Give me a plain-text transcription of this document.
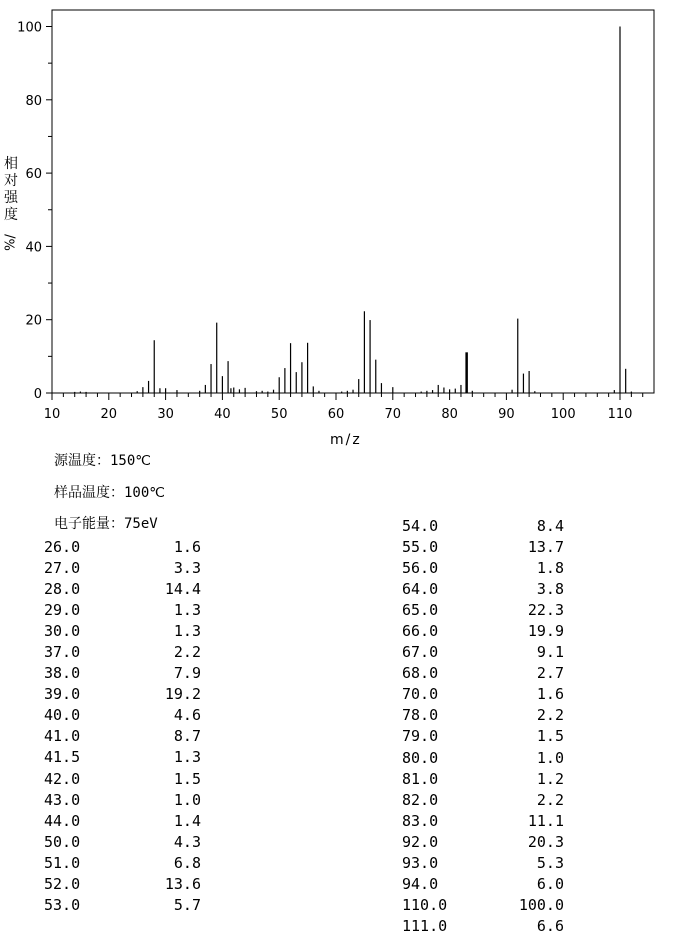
0
20
40
60
80
100
10	20	30	40	50	60	70	80	90	100 110
相
对
强
度
%/
m/z
源温度：150℃
样品温度：100℃
电子能量：75eV
26.0	1.6
27.0	3.3
28.0	14.4
29.0	1.3
30.0	1.3
37.0	2.2
38.0	7.9
39.0	19.2
40.0	4.6
41.0	8.7
41.5	1.3
42.0	1.5
43.0	1.0
44.0	1.4
50.0	4.3
51.0	6.8
52.0	13.6
53.0	5.7
54.0	8.4
55.0	13.7
56.0	1.8
64.0	3.8
65.0	22.3
66.0	19.9
67.0	9.1
68.0	2.7
70.0	1.6
78.0	2.2
79.0	1.5
80.0	1.0
81.0	1.2
82.0	2.2
83.0	11.1
92.0	20.3
93.0	5.3
94.0	6.0
110.0	100.0
111.0	6.6
